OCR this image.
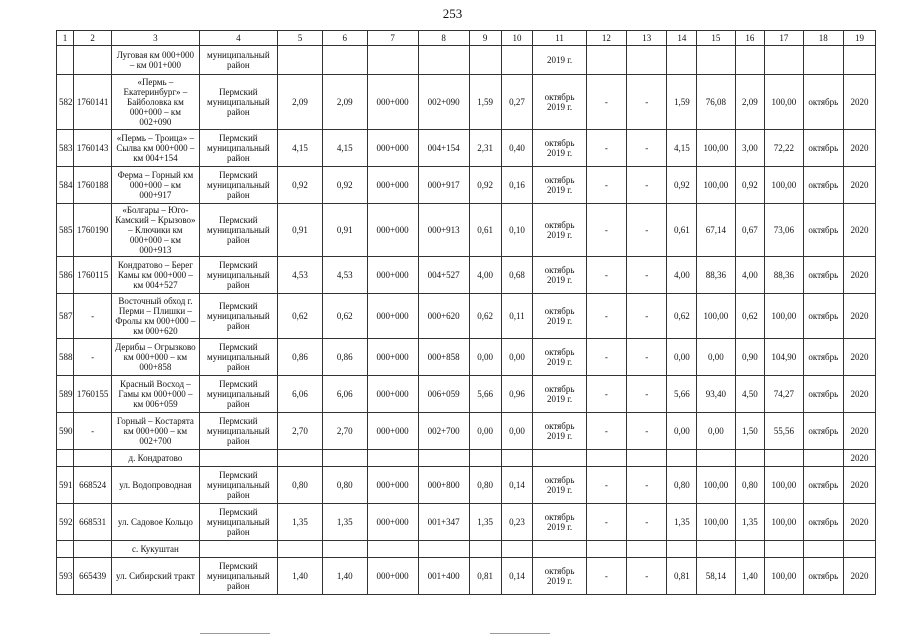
253
1	2	3	4	5	6	7	8	9	10	11	12	13	14	15	16	17	18	19
		Луговая км 000+000 – км 001+000	муниципальный район							2019 г.								
582	1760141	«Пермь – Екатеринбург» – Байболовка км 000+000 – км 002+090	Пермский муниципальный район	2,09	2,09	000+000	002+090	1,59	0,27	октябрь 2019 г.	-	-	1,59	76,08	2,09	100,00	октябрь	2020
583	1760143	«Пермь – Троица» – Сылва км 000+000 – км 004+154	Пермский муниципальный район	4,15	4,15	000+000	004+154	2,31	0,40	октябрь 2019 г.	-	-	4,15	100,00	3,00	72,22	октябрь	2020
584	1760188	Ферма – Горный км 000+000 – км 000+917	Пермский муниципальный район	0,92	0,92	000+000	000+917	0,92	0,16	октябрь 2019 г.	-	-	0,92	100,00	0,92	100,00	октябрь	2020
585	1760190	«Болгары – Юго-Камский – Крызово» – Ключики км 000+000 – км 000+913	Пермский муниципальный район	0,91	0,91	000+000	000+913	0,61	0,10	октябрь 2019 г.	-	-	0,61	67,14	0,67	73,06	октябрь	2020
586	1760115	Кондратово – Берег Камы км 000+000 – км 004+527	Пермский муниципальный район	4,53	4,53	000+000	004+527	4,00	0,68	октябрь 2019 г.	-	-	4,00	88,36	4,00	88,36	октябрь	2020
587	-	Восточный обход г. Перми – Плишки – Фролы км 000+000 – км 000+620	Пермский муниципальный район	0,62	0,62	000+000	000+620	0,62	0,11	октябрь 2019 г.	-	-	0,62	100,00	0,62	100,00	октябрь	2020
588	-	Дерибы – Огрызково км 000+000 – км 000+858	Пермский муниципальный район	0,86	0,86	000+000	000+858	0,00	0,00	октябрь 2019 г.	-	-	0,00	0,00	0,90	104,90	октябрь	2020
589	1760155	Красный Восход – Гамы км 000+000 – км 006+059	Пермский муниципальный район	6,06	6,06	000+000	006+059	5,66	0,96	октябрь 2019 г.	-	-	5,66	93,40	4,50	74,27	октябрь	2020
590	-	Горный – Костарята км 000+000 – км 002+700	Пермский муниципальный район	2,70	2,70	000+000	002+700	0,00	0,00	октябрь 2019 г.	-	-	0,00	0,00	1,50	55,56	октябрь	2020
		д. Кондратово																2020
591	668524	ул. Водопроводная	Пермский муниципальный район	0,80	0,80	000+000	000+800	0,80	0,14	октябрь 2019 г.	-	-	0,80	100,00	0,80	100,00	октябрь	2020
592	668531	ул. Садовое Кольцо	Пермский муниципальный район	1,35	1,35	000+000	001+347	1,35	0,23	октябрь 2019 г.	-	-	1,35	100,00	1,35	100,00	октябрь	2020
		с. Кукуштан																
593	665439	ул. Сибирский тракт	Пермский муниципальный район	1,40	1,40	000+000	001+400	0,81	0,14	октябрь 2019 г.	-	-	0,81	58,14	1,40	100,00	октябрь	2020
